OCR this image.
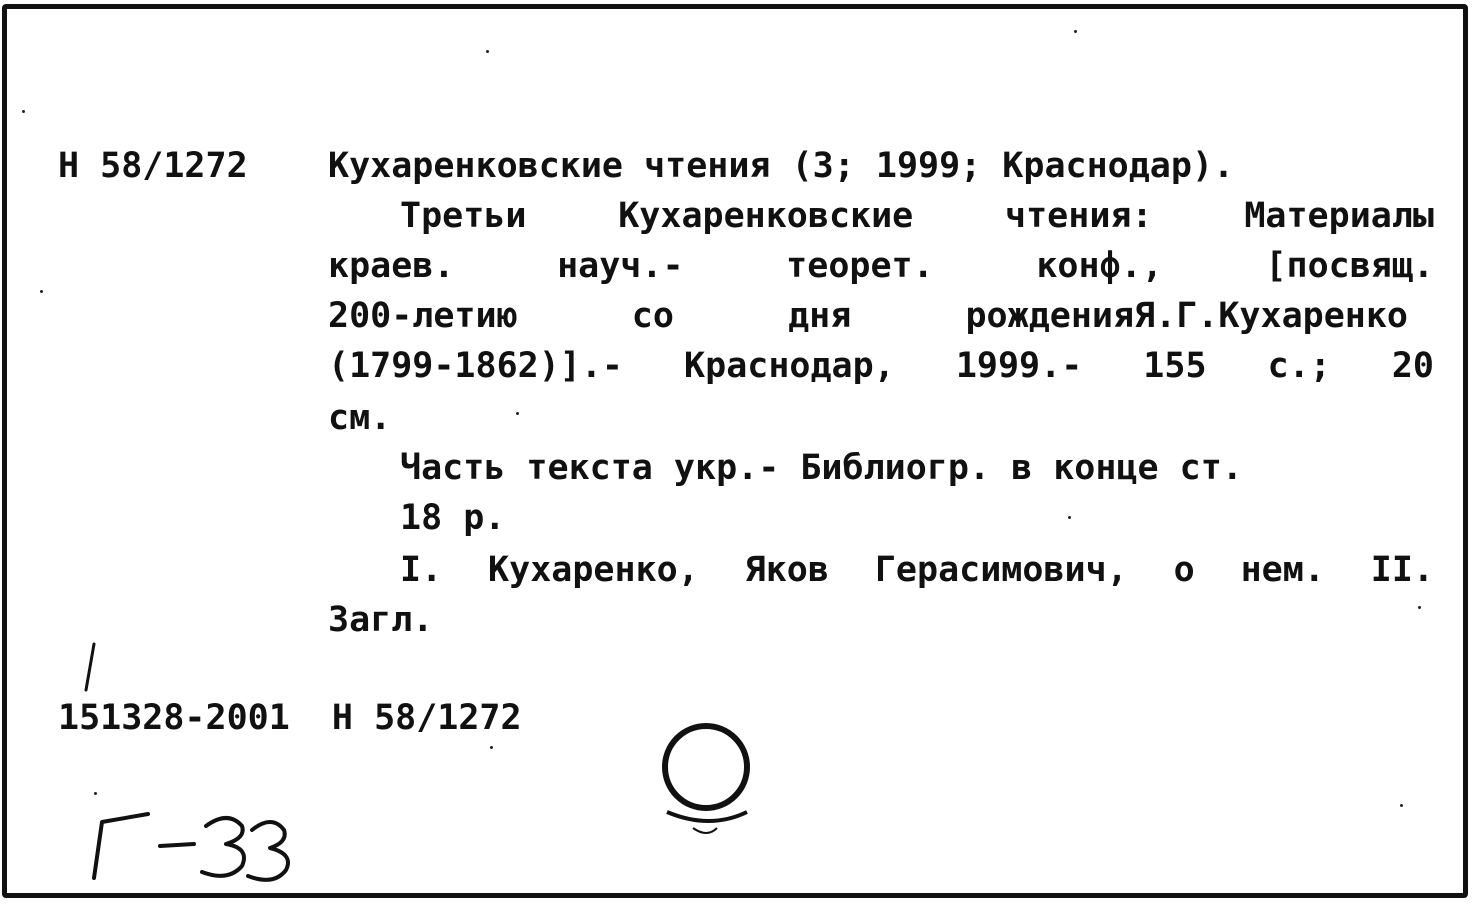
Н 58/1272 Кухаренковские чтения (3; 1999; Краснодар).
Третьи Кухаренковские чтения: Материалы
краев. науч.- теорет. конф., [посвящ.
200-летию со дня рожденияЯ.Г.Кухаренко
(1799-1862)].- Краснодар, 1999.- 155 с.; 20
см.
Часть текста укр.- Библиогр. в конце ст.
18 р.
I. Кухаренко, Яков Герасимович, о нем. II.
Загл.
151328-2001  Н 58/1272
